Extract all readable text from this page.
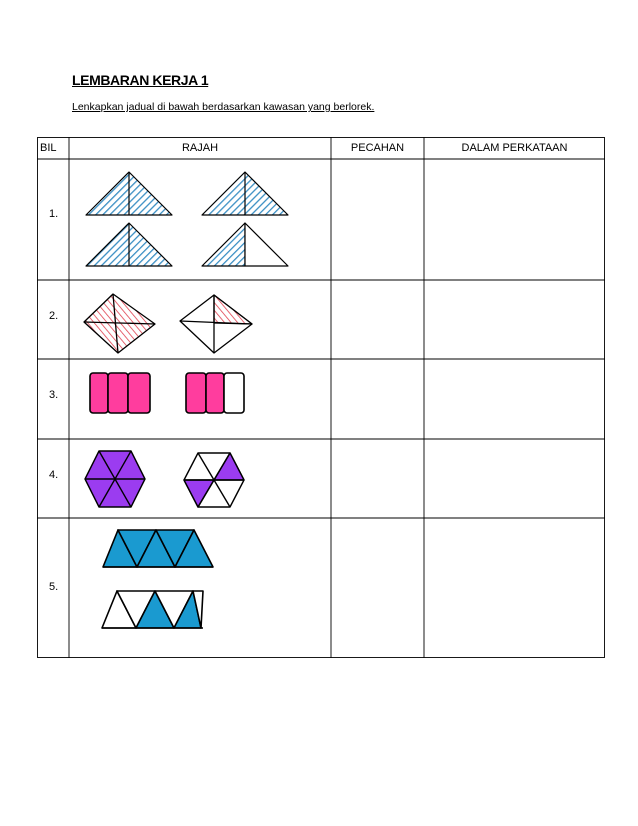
LEMBARAN KERJA 1
Lenkapkan jadual di bawah berdasarkan kawasan yang berlorek.
BIL	RAJAH	PECAHAN	DALAM PERKATAAN
1.
2.
3.
4.
5.
